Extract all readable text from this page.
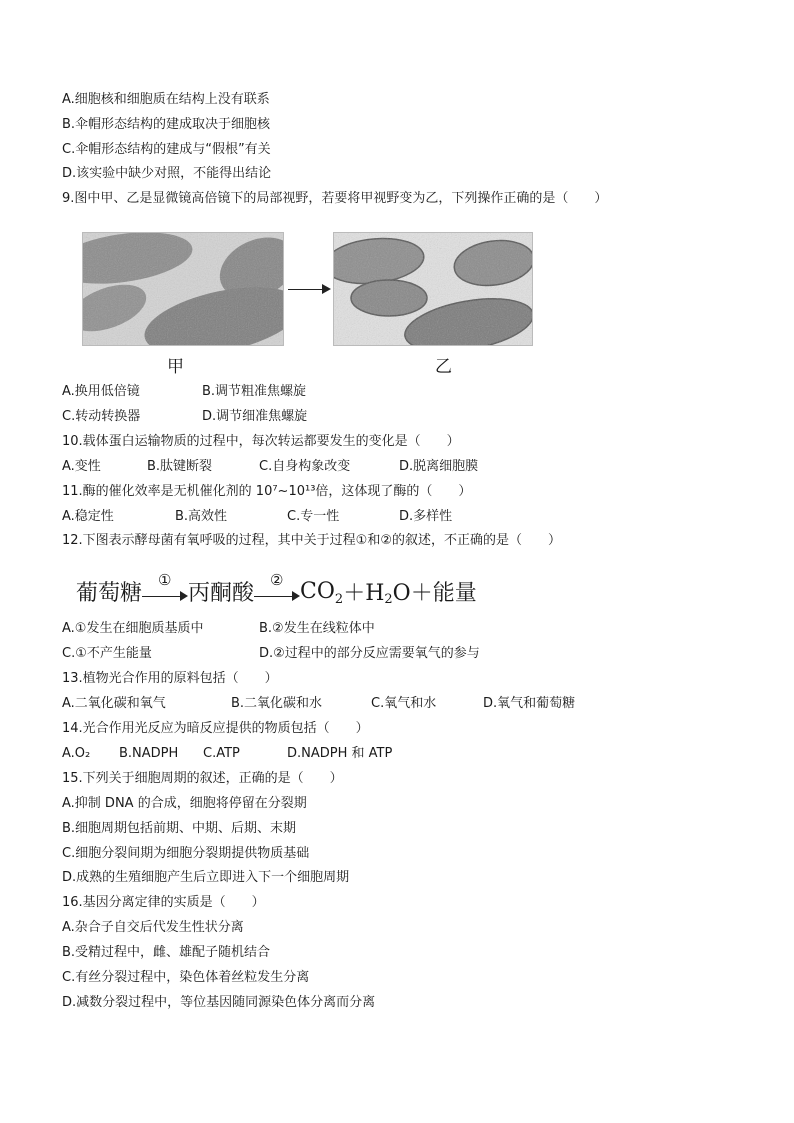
A.细胞核和细胞质在结构上没有联系
B.伞帽形态结构的建成取决于细胞核
C.伞帽形态结构的建成与“假根”有关
D.该实验中缺少对照，不能得出结论
9.图中甲、乙是显微镜高倍镜下的局部视野，若要将甲视野变为乙，下列操作正确的是（　　）
甲	乙
A.换用低倍镜	B.调节粗准焦螺旋
C.转动转换器	D.调节细准焦螺旋
10.载体蛋白运输物质的过程中，每次转运都要发生的变化是（　　）
A.变性	B.肽键断裂	C.自身构象改变	D.脱离细胞膜
11.酶的催化效率是无机催化剂的 10⁷~10¹³倍，这体现了酶的（　　）
A.稳定性	B.高效性	C.专一性	D.多样性
12.下图表示酵母菌有氧呼吸的过程，其中关于过程①和②的叙述，不正确的是（　　）
葡萄糖
①
丙酮酸
② $CO_2+H_2O+$能量
A.①发生在细胞质基质中	B.②发生在线粒体中
C.①不产生能量	D.②过程中的部分反应需要氧气的参与
13.植物光合作用的原料包括（　　）
A.二氧化碳和氧气	B.二氧化碳和水	C.氧气和水	D.氧气和葡萄糖
14.光合作用光反应为暗反应提供的物质包括（　　）
A.O₂ B.NADPH C.ATP	D.NADPH 和 ATP
15.下列关于细胞周期的叙述，正确的是（　　）
A.抑制 DNA 的合成，细胞将停留在分裂期
B.细胞周期包括前期、中期、后期、末期
C.细胞分裂间期为细胞分裂期提供物质基础
D.成熟的生殖细胞产生后立即进入下一个细胞周期
16.基因分离定律的实质是（　　）
A.杂合子自交后代发生性状分离
B.受精过程中，雌、雄配子随机结合
C.有丝分裂过程中，染色体着丝粒发生分离
D.减数分裂过程中，等位基因随同源染色体分离而分离
